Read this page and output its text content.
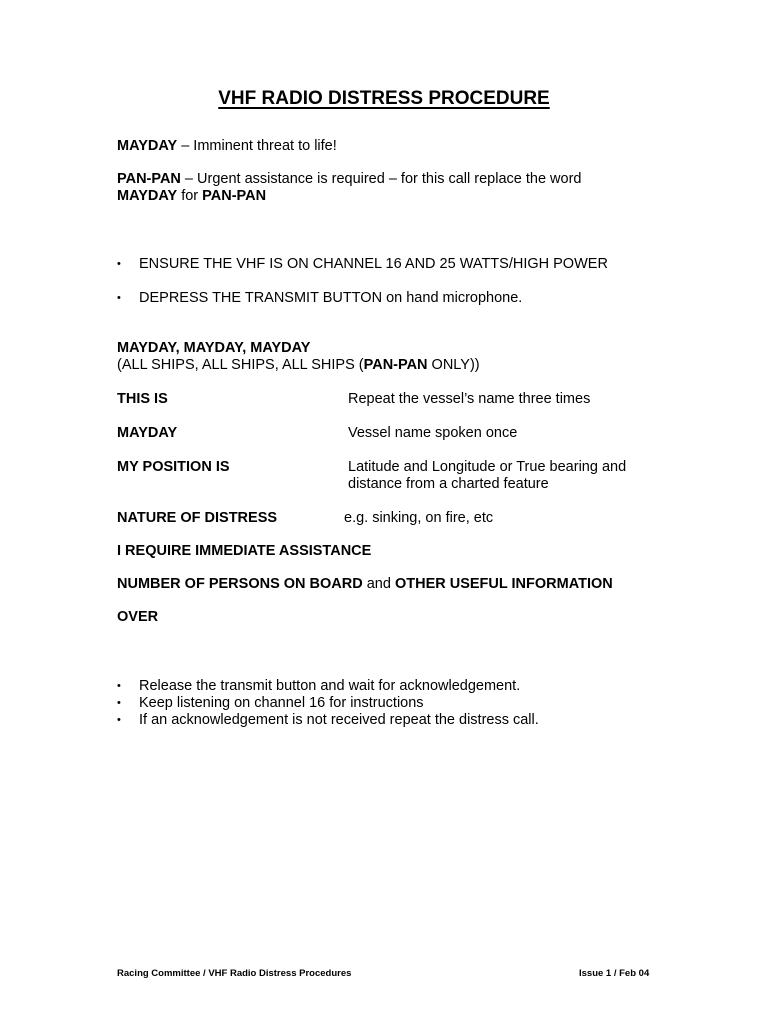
VHF RADIO DISTRESS PROCEDURE
MAYDAY – Imminent threat to life!
PAN-PAN – Urgent assistance is required – for this call replace the word
MAYDAY for PAN-PAN
• ENSURE THE VHF IS ON CHANNEL 16 AND 25 WATTS/HIGH POWER
• DEPRESS THE TRANSMIT BUTTON on hand microphone.
MAYDAY, MAYDAY, MAYDAY
(ALL SHIPS, ALL SHIPS, ALL SHIPS (PAN-PAN ONLY))
THIS IS	Repeat the vessel’s name three times
MAYDAY	Vessel name spoken once
MY POSITION IS	Latitude and Longitude or True bearing and
distance from a charted feature
NATURE OF DISTRESS	e.g. sinking, on fire, etc
I REQUIRE IMMEDIATE ASSISTANCE
NUMBER OF PERSONS ON BOARD and OTHER USEFUL INFORMATION
OVER
• Release the transmit button and wait for acknowledgement.
• Keep listening on channel 16 for instructions
• If an acknowledgement is not received repeat the distress call.
Racing Committee / VHF Radio Distress Procedures	Issue 1 / Feb 04
